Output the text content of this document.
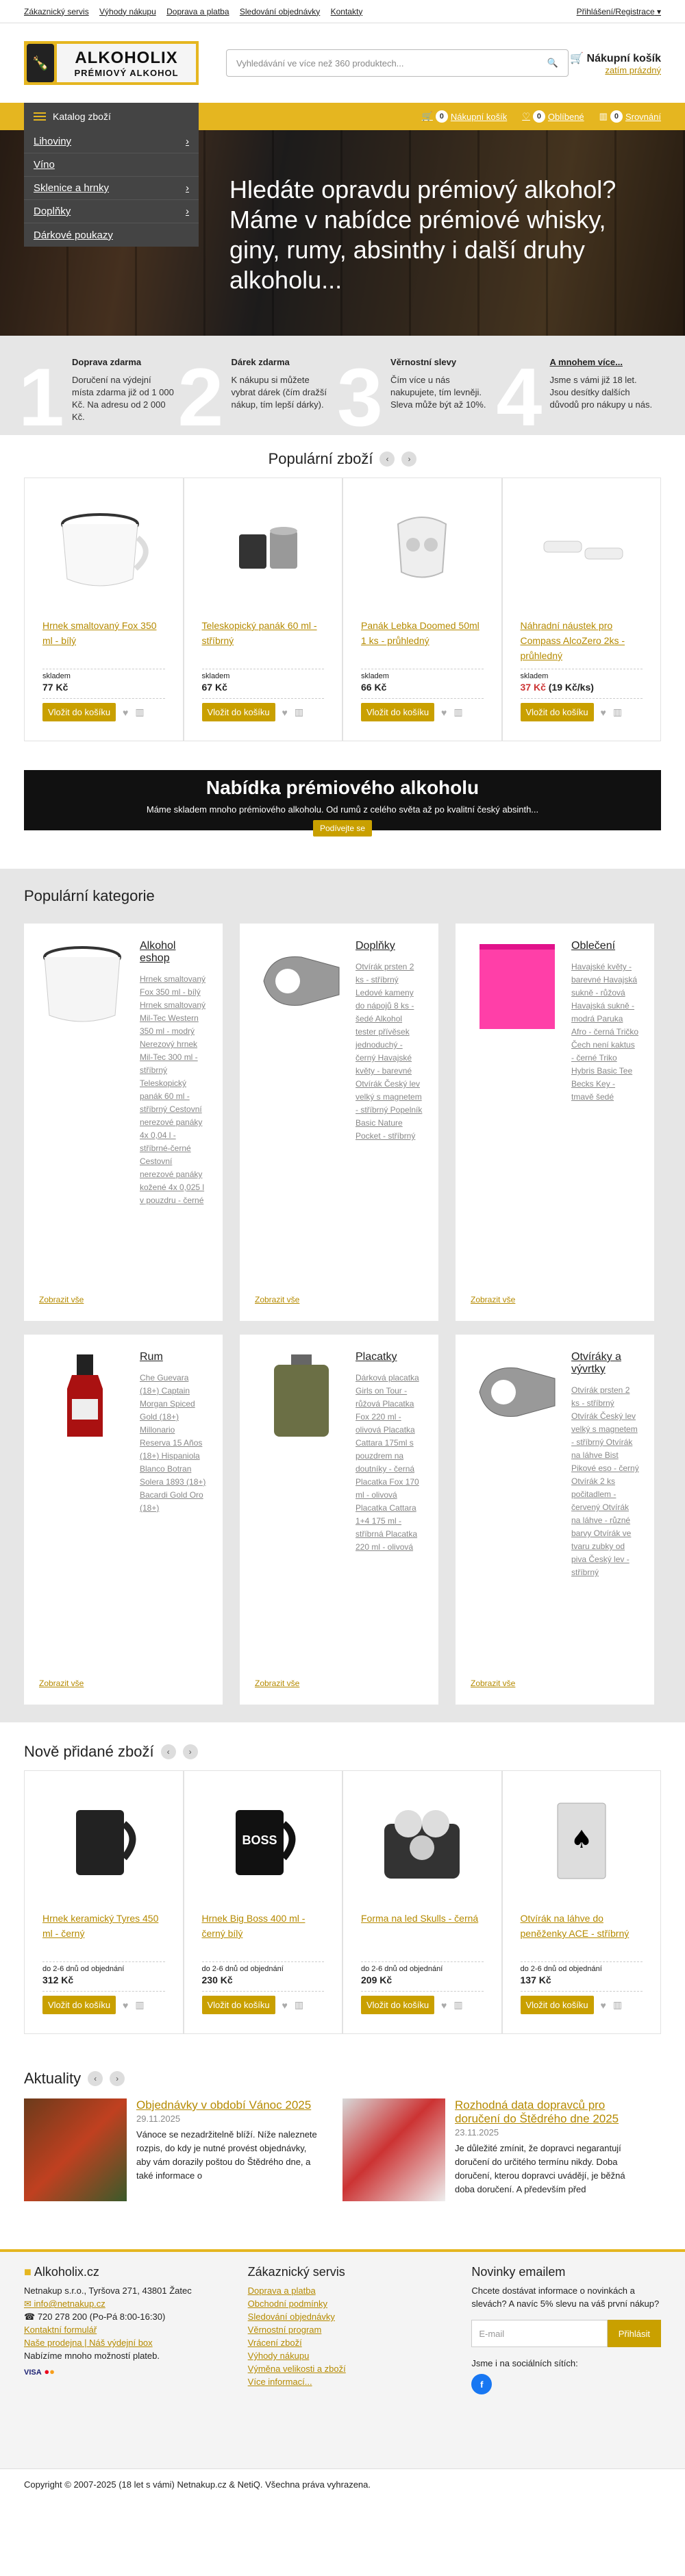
Zákaznický servis Výhody nákupu Doprava a platba Sledování objednávky Kontakty	Přihlášení/Registrace ▾
🍾	ALKOHOLIX
PRÉMIOVÝ ALKOHOL
Vyhledávání ve více než 360 produktech...	🔍 🛒 Nákupní košík
zatím prázdný
Katalog zboží	🛒 0 Nákupní košík ♡ 0 Oblíbené ▥ 0 Srovnání
Lihoviny	›
Víno
Sklenice a hrnky	›
Doplňky	›
Dárkové poukazy
Hledáte opravdu prémiový alkohol? Máme v nabídce prémiové whisky, giny, rumy, absinthy i další druhy alkoholu...
1 Doprava zdarma
Doručení na výdejní místa zdarma již od 1 000 Kč. Na adresu od 2 000 Kč.	2 Dárek zdarma
K nákupu si můžete vybrat dárek (čím dražší nákup, tím lepší dárky). 3 Věrnostní slevy
Čím více u nás nakupujete, tím levněji. Sleva může být až 10%. 4 A mnohem více...
Jsme s vámi již 18 let. Jsou desítky dalších důvodů pro nákupy u nás.
Populární zboží	‹	›
Hrnek smaltovaný Fox 350 ml - bílý
skladem
77 Kč
Vložit do košíku	♥ ▥
Teleskopický panák 60 ml - stříbrný
skladem
67 Kč
Vložit do košíku	♥ ▥
Panák Lebka Doomed 50ml 1 ks - průhledný
skladem
66 Kč
Vložit do košíku	♥ ▥
Náhradní náustek pro Compass AlcoZero 2ks - průhledný
skladem
37 Kč (19 Kč/ks)
Vložit do košíku	♥ ▥
Nabídka prémiového alkoholu
Máme skladem mnoho prémiového alkoholu. Od rumů z celého světa až po kvalitní český absinth...
Podívejte se
Populární kategorie
Alkohol eshop
Hrnek smaltovaný Fox 350 ml - bílý Hrnek smaltovaný Mil-Tec Western 350 ml - modrý Nerezový hrnek Mil-Tec 300 ml - stříbrný Teleskopický panák 60 ml - stříbrný Cestovní nerezové panáky 4x 0,04 l - stříbrné-černé Cestovní nerezové panáky kožené 4x 0,025 l v pouzdru - černé
Zobrazit vše
Doplňky
Otvírák prsten 2 ks - stříbrný Ledové kameny do nápojů 8 ks - šedé Alkohol tester přívěsek jednoduchý - černý Havajské květy - barevné Otvírák Český lev velký s magnetem - stříbrný Popelník Basic Nature Pocket - stříbrný
Zobrazit vše
Oblečení
Havajské květy - barevné Havajská sukně - růžová Havajská sukně - modrá Paruka Afro - černá Tričko Čech není kaktus - černé Triko Hybris Basic Tee Becks Key - tmavě šedé
Zobrazit vše
Rum
Che Guevara (18+) Captain Morgan Spiced Gold (18+) Millonario Reserva 15 Años (18+) Hispaniola Blanco Botran Solera 1893 (18+) Bacardi Gold Oro (18+)
Zobrazit vše
Placatky
Dárková placatka Girls on Tour - růžová Placatka Fox 220 ml - olivová Placatka Cattara 175ml s pouzdrem na doutníky - černá Placatka Fox 170 ml - olivová Placatka Cattara 1+4 175 ml - stříbrná Placatka 220 ml - olivová
Zobrazit vše
Otvíráky a vývrtky
Otvírák prsten 2 ks - stříbrný Otvírák Český lev velký s magnetem - stříbrný Otvírák na láhve Bist Pikové eso - černý Otvírák 2 ks počitadlem - červený Otvírák na láhve - různé barvy Otvírák ve tvaru zubky od piva Český lev - stříbrný
Zobrazit vše
Nově přidané zboží	‹	›
Hrnek keramický Tyres 450 ml - černý
do 2-6 dnů od objednání
312 Kč
Vložit do košíku	♥ ▥
BOSS
Hrnek Big Boss 400 ml - černý bílý
do 2-6 dnů od objednání
230 Kč
Vložit do košíku	♥ ▥
Forma na led Skulls - černá
do 2-6 dnů od objednání
209 Kč
Vložit do košíku	♥ ▥
♠
Otvírák na láhve do peněženky ACE - stříbrný
do 2-6 dnů od objednání
137 Kč
Vložit do košíku	♥ ▥
Aktuality	‹	›
Objednávky v období Vánoc 2025
29.11.2025
Vánoce se nezadržitelně blíží. Níže naleznete rozpis, do kdy je nutné provést objednávky, aby vám dorazily poštou do Štědrého dne, a také informace o
Rozhodná data dopravců pro doručení do Štědrého dne 2025
23.11.2025
Je důležité zmínit, že dopravci negarantují doručení do určitého termínu nikdy. Doba doručení, kterou dopravci uvádějí, je běžná doba doručení. A především před
■ Alkoholix.cz
Netnakup s.r.o., Tyršova 271, 43801 Žatec
✉ info@netnakup.cz
☎ 720 278 200 (Po-Pá 8:00-16:30)
Kontaktní formulář
Naše prodejna | Náš výdejní box
Nabízíme mnoho možností plateb.
VISA ●●
Zákaznický servis
Doprava a platba
Obchodní podmínky
Sledování objednávky
Věrnostní program
Vrácení zboží
Výhody nákupu
Výměna velikosti a zboží
Více informací...
Novinky emailem
Chcete dostávat informace o novinkách a slevách? A navíc 5% slevu na váš první nákup?
E-mail	Přihlásit
Jsme i na sociálních sítích:
f
Copyright © 2007-2025 (18 let s vámi) Netnakup.cz & NetiQ. Všechna práva vyhrazena.
